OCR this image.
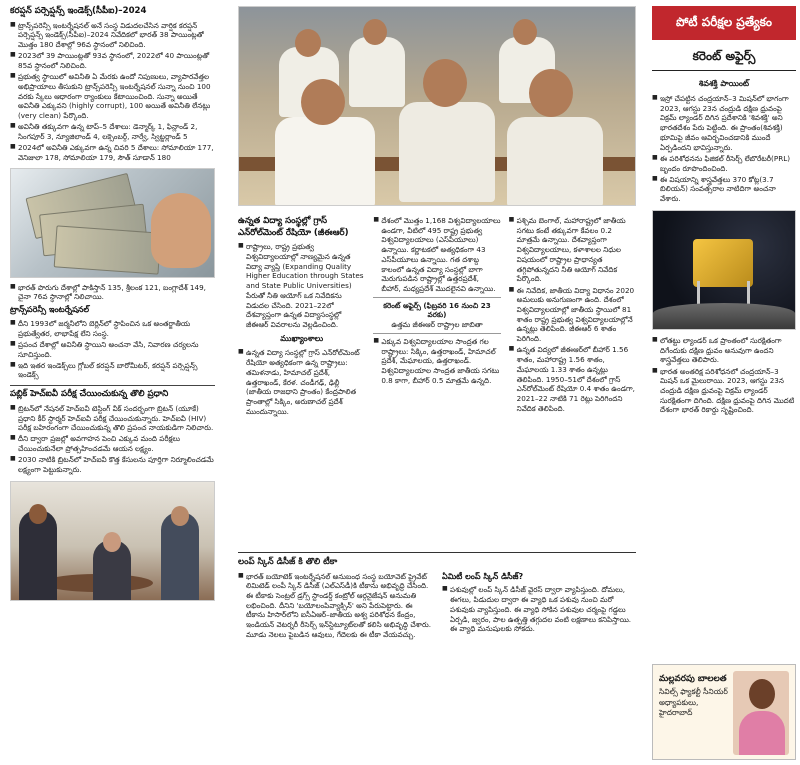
కరప్షన్ పర్సెప్షన్స్ ఇండెక్స్(సీపీఐ)–2024
■ ట్రాన్స్‌పరెన్సీ ఇంటర్నేషనల్ అనే సంస్థ విడుదలచేసిన వార్షిక కరప్షన్ పర్సెప్షన్స్ ఇండెక్స్(సీపీఐ)–2024 నివేదికలో భారత్ 38 పాయింట్లతో మొత్తం 180 దేశాల్లో 96వ స్థానంలో నిలిచింది.
■ 2023లో 39 పాయింట్లతో 93వ స్థానంలో, 2022లో 40 పాయింట్లతో 85వ స్థానంలో నిలిచింది.
■ ప్రభుత్వ స్థాయిలో అవినీతి ఏ మేరకు ఉందో నిపుణులు, వ్యాపారవేత్తల అభిప్రాయాలు తీసుకుని ట్రాన్స్‌పరెన్సీ ఇంటర్నేషనల్ సున్నా నుంచి 100 వరకు స్కేలు ఆధారంగా ర్యాంకులు కేటాయించింది. సున్నా అయితే అవినీతి ఎక్కువని (highly corrupt), 100 అయితే అవినీతి లేనట్లు (very clean) పేర్కొంది.
■ అవినీతి తక్కువగా ఉన్న టాప్–5 దేశాలు: డెన్మార్క్ 1, ఫిన్లాండ్ 2, సింగపూర్ 3, న్యూజిలాండ్ 4, లక్సెంబర్గ్, నార్వే, స్విట్జర్లాండ్ 5
■ 2024లో అవినీతి ఎక్కువగా ఉన్న చివరి 5 దేశాలు: సోమాలియా 177, వెనిజులా 178, సోమాలియా 179, సౌత్ సూడాన్ 180
■ భారత్ పొరుగు దేశాల్లో పాకిస్తాన్ 135, శ్రీలంక 121, బంగ్లాదేశ్ 149, చైనా 76వ స్థానాల్లో నిలిచాయి.
ట్రాన్స్‌పరెన్సీ ఇంటర్నేషనల్
■ దీని 1993లో జర్మనీలోని బెర్లిన్‌లో స్థాపించిన ఒక అంతర్జాతీయ ప్రభుత్వేతర, లాభాపేక్ష లేని సంస్థ.
■ ప్రపంచ దేశాల్లో అవినీతి స్థాయిని అంచనా వేసి, నివారణ చర్యలను సూచిస్తుంది.
■ ఇది ఇతర ఇండెక్స్‌లు గ్లోబల్ కరప్షన్ బారోమీటర్, కరప్షన్ పర్సెప్షన్స్ ఇండెక్స్
పబ్లిక్ హెచ్‌ఐవీ పరీక్ష చేయించుకున్న తొలి ప్రధాని
■ బ్రిటన్‌లో నేషనల్ హెచ్‌ఐవీ టెస్టింగ్ వీక్ సందర్భంగా బ్రిటన్ (యూకే) ప్రధాని కీర్ స్టార్మర్ హెచ్‌ఐవీ పరీక్ష చేయించుకున్నారు. హెచ్ఐవీ (HIV) పరీక్ష బహిరంగంగా చేయించుకున్న తొలి ప్రపంచ నాయకుడిగా నిలిచారు.
■ దీని ద్వారా ప్రజల్లో అవగాహన పెంచి ఎక్కువ మంది పరీక్షలు చేయించుకునేలా ప్రోత్సహించడమే ఆయన లక్ష్యం.
■ 2030 నాటికి బ్రిటన్‌లో హెచ్‌ఐవీ కొత్త కేసులను పూర్తిగా నిర్మూలించడమే లక్ష్యంగా పెట్టుకున్నారు.
ఉన్నత విద్యా సంస్థల్లో గ్రాస్ ఎన్‌రోల్‌మెంట్ రేషియో (జీఈఆర్)
■ రాష్ట్రాలు, రాష్ట్ర ప్రభుత్వ విశ్వవిద్యాలయాల్లో నాణ్యమైన ఉన్నత విద్యా వ్యాప్తి (Expanding Quality Higher Education through States and State Public Universities) పేరుతో నీతి ఆయోగ్ ఒక నివేదికను విడుదల చేసింది. 2021–22లో దేశవ్యాప్తంగా ఉన్నత విద్యాసంస్థల్లో జీఈఆర్ వివరాలను వెల్లడించింది.
ముఖ్యాంశాలు
■ ఉన్నత విద్యా సంస్థల్లో గ్రాస్ ఎన్‌రోల్‌మెంట్ రేషియో అత్యధికంగా ఉన్న రాష్ట్రాలు: తమిళనాడు, హిమాచల్ ప్రదేశ్, ఉత్తరాఖండ్, కేరళ. చండీగఢ్, ఢిల్లీ (జాతీయ రాజధాని ప్రాంతం) కేంద్రపాలిత ప్రాంతాల్లో సిక్కిం, అరుణాచల్ ప్రదేశ్ ముందున్నాయి.
■ దేశంలో మొత్తం 1,168 విశ్వవిద్యాలయాలు ఉండగా, వీటిలో 495 రాష్ట్ర ప్రభుత్వ విశ్వవిద్యాలయాలు (ఎస్‌పీయూలు) ఉన్నాయి. కర్ణాటకలో అత్యధికంగా 43 ఎస్‌పీయూలు ఉన్నాయి. గత దశాబ్ద కాలంలో ఉన్నత విద్యా సంస్థల్లో బాగా మెరుగుపడిన రాష్ట్రాల్లో ఉత్తరప్రదేశ్, బీహార్, మధ్యప్రదేశ్ మొదలైనవి ఉన్నాయి.
కరెంట్ అఫైర్స్ (ఫిబ్రవరి 16 నుంచి 23 వరకు)
ఉత్తమ జీఈఆర్ రాష్ట్రాల జాబితా
■ ఎక్కువ విశ్వవిద్యాలయాల సాంద్రత గల రాష్ట్రాలు: సిక్కిం, ఉత్తరాఖండ్, హిమాచల్ ప్రదేశ్, మేఘాలయ, ఉత్తరాఖండ్. విశ్వవిద్యాలయాల సాంద్రత జాతీయ సగటు 0.8 కాగా, బీహార్ 0.5 మాత్రమే ఉన్నది.
■ పశ్చిమ బెంగాల్, మహారాష్ట్రలో జాతీయ సగటు కంటే తక్కువగా కేవలం 0.2 మాత్రమే ఉన్నాయి. దేశవ్యాప్తంగా విశ్వవిద్యాలయాలు, కళాశాలల నిధుల విషయంలో రాష్ట్రాల ప్రాధాన్యత తగ్గిపోతున్నదని నీతి ఆయోగ్ నివేదిక పేర్కొంది.
■ ఈ నివేదిక, జాతీయ విద్యా విధానం 2020 అమలుకు అనుగుణంగా ఉంది. దేశంలో విశ్వవిద్యాలయాల్లో జాతీయ స్థాయిలో 81 శాతం రాష్ట్ర ప్రభుత్వ విశ్వవిద్యాలయాల్లోనే ఉన్నట్లు తెలిపింది. జీఈఆర్ 6 శాతం పెరిగింది.
■ ఉన్నత విద్యలో జీఈఆర్‌లో బీహార్ 1.56 శాతం, మహారాష్ట్ర 1.56 శాతం, మేఘాలయ 1.33 శాతం ఉన్నట్లు తెలిపింది. 1950–51లో దేశంలో గ్రాస్ ఎన్‌రోల్‌మెంట్ రేషియో 0.4 శాతం ఉండగా, 2021–22 నాటికి 71 రెట్లు పెరిగిందని నివేదిక తెలిపింది.
లంప్ స్కిన్ డిసీజ్ కి తొలి టీకా
■ భారత్ బయోటెక్ ఇంటర్నేషనల్ అనుబంధ సంస్థ బయోవెట్ ప్రైవేట్ లిమిటెడ్ లంపీ స్కిన్ డిసీజ్ (ఎల్‌ఎస్‌డీ)కి టీకాను అభివృద్ధి చేసింది. ఈ టీకాకు సెంట్రల్ డ్రగ్స్ స్టాండర్డ్ కంట్రోల్ ఆర్గనైజేషన్ అనుమతి లభించింది. దీనిని 'బయోలంపివ్యాక్సిన్' అని పేరుపెట్టారు. ఈ టీకాను హిసార్‌లోని ఐసీఏఆర్–జాతీయ అశ్వ పరిశోధన కేంద్రం, ఇండియన్ వెటర్నరీ రీసెర్చ్ ఇన్‌స్టిట్యూట్‌లతో కలిసి అభివృద్ధి చేశారు. మూడు నెలలు పైబడిన ఆవులు, గేదెలకు ఈ టీకా వేయవచ్చు.
ఏమిటీ లంప్ స్కిన్ డిసీజ్?
■ పశువుల్లో లంప్ స్కిన్ డిసీజ్ వైరస్ ద్వారా వ్యాపిస్తుంది. దోమలు, ఈగలు, పిడుదుల ద్వారా ఈ వ్యాధి ఒక పశువు నుంచి మరో పశువుకు వ్యాపిస్తుంది. ఈ వ్యాధి సోకిన పశువుల చర్మంపై గడ్డలు ఏర్పడి, జ్వరం, పాల ఉత్పత్తి తగ్గుదల వంటి లక్షణాలు కనిపిస్తాయి. ఈ వ్యాధి మనుషులకు సోకదు.
పోటీ పరీక్షల ప్రత్యేకం
కరెంట్ అఫైర్స్
శివశక్తి పాయింట్
■ ఇస్రో చేపట్టిన చంద్రయాన్–3 మిషన్‌లో భాగంగా 2023, ఆగస్టు 23న చంద్రుడి దక్షిణ ధ్రువంపై విక్రమ్ ల్యాండర్ దిగిన ప్రదేశానికి 'శివశక్తి' అని భారతదేశం పేరు పెట్టింది. ఈ ప్రాంతం(శివశక్తి) భూమిపై జీవం ఆవిర్భవించడానికి ముందే ఏర్పడిందని భావిస్తున్నారు.
■ ఈ పరిశోధనను ఫిజికల్ రీసెర్చ్ లేబొరేటరీ(PRL) బృందం రూపొందించింది.
■ ఈ విషయాన్ని శాస్త్రవేత్తలు 370 కోట్ల(3.7 బిలియన్) సంవత్సరాల నాటిదిగా అంచనా వేశారు.
■ లోతట్టు ల్యాండర్ ఒక ప్రాంతంలో సురక్షితంగా దిగేందుకు దక్షిణ ధ్రువం అనువుగా ఉందని శాస్త్రవేత్తలు తెలిపారు.
■ భారత అంతరిక్ష పరిశోధనలో చంద్రయాన్–3 మిషన్ ఒక మైలురాయి. 2023, ఆగస్టు 23న చంద్రుడి దక్షిణ ధ్రువంపై విక్రమ్ ల్యాండర్ సురక్షితంగా దిగింది. దక్షిణ ధ్రువంపై దిగిన మొదటి దేశంగా భారత్ రికార్డు సృష్టించింది.
మల్లవరపు బాలలత
సివిల్స్ ఫ్యాకల్టీ సీనియర్ అధ్యాపకులు, హైదరాబాద్
